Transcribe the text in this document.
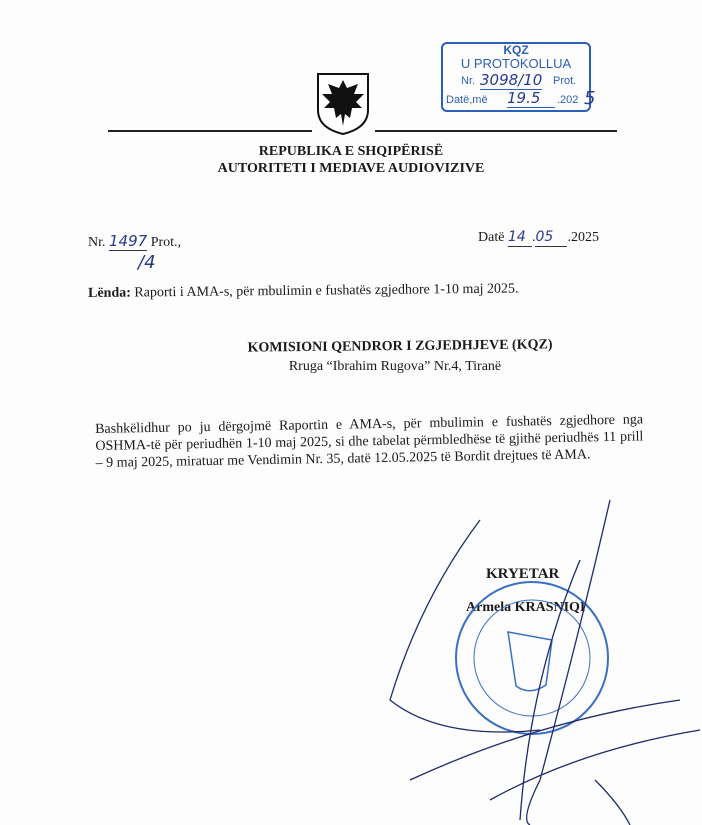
KQZ
U PROTOKOLLUA
Nr. 3098/10 Prot.
Datë,më 19.5	.202 5
REPUBLIKA E SHQIPËRISË
AUTORITETI I MEDIAVE AUDIOVIZIVE
Nr. 1497 Prot.,
/4
Datë 14 .05 .2025
Lënda: Raporti i AMA-s, për mbulimin e fushatës zgjedhore 1-10 maj 2025.
KOMISIONI QENDROR I ZGJEDHJEVE (KQZ)
Rruga “Ibrahim Rugova” Nr.4, Tiranë

Bashkëlidhur po ju dërgojmë Raportin e AMA-s, për mbulimin e fushatës zgjedhore nga OSHMA-të për periudhën 1-10 maj 2025, si dhe tabelat përmbledhëse të gjithë periudhës 11 prill – 9 maj 2025, miratuar me Vendimin Nr. 35, datë 12.05.2025 të Bordit drejtues të AMA.

KRYETAR
Armela KRASNIQI
